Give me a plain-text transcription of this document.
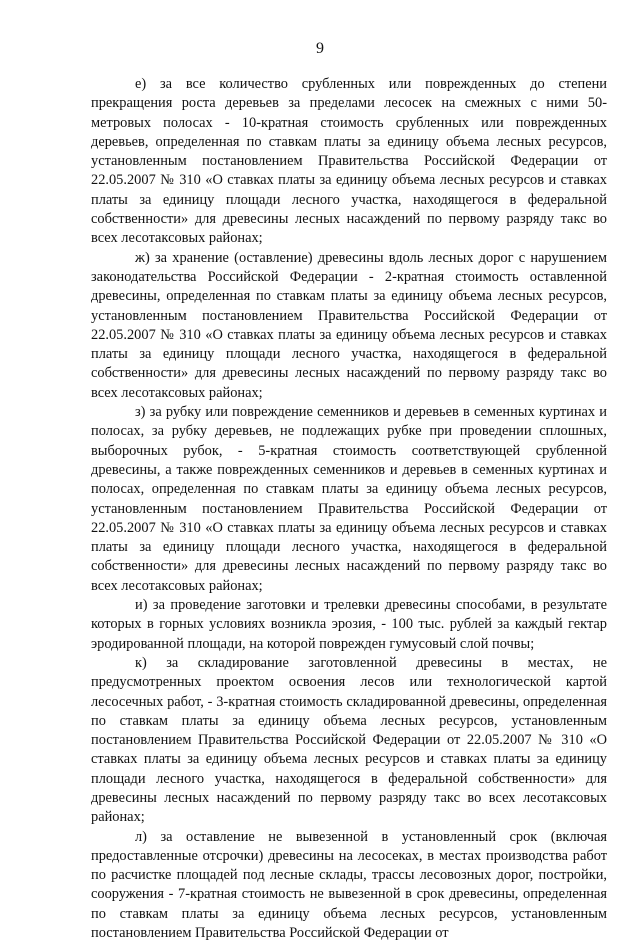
9

е) за все количество срубленных или поврежденных до степени прекращения роста деревьев за пределами лесосек на смежных с ними 50-метровых полосах - 10-кратная стоимость срубленных или поврежденных деревьев, определенная по ставкам платы за единицу объема лесных ресурсов, установленным постановлением Правительства Российской Федерации от 22.05.2007 № 310 «О ставках платы за единицу объема лесных ресурсов и ставках платы за единицу площади лесного участка, находящегося в федеральной собственности» для древесины лесных насаждений по первому разряду такс во всех лесотаксовых районах;

ж) за хранение (оставление) древесины вдоль лесных дорог с нарушением законодательства Российской Федерации - 2-кратная стоимость оставленной древесины, определенная по ставкам платы за единицу объема лесных ресурсов, установленным постановлением Правительства Российской Федерации от 22.05.2007 № 310 «О ставках платы за единицу объема лесных ресурсов и ставках платы за единицу площади лесного участка, находящегося в федеральной собственности» для древесины лесных насаждений по первому разряду такс во всех лесотаксовых районах;

з) за рубку или повреждение семенников и деревьев в семенных куртинах и полосах, за рубку деревьев, не подлежащих рубке при проведении сплошных, выборочных рубок, - 5-кратная стоимость соответствующей срубленной древесины, а также поврежденных семенников и деревьев в семенных куртинах и полосах, определенная по ставкам платы за единицу объема лесных ресурсов, установленным постановлением Правительства Российской Федерации от 22.05.2007 № 310 «О ставках платы за единицу объема лесных ресурсов и ставках платы за единицу площади лесного участка, находящегося в федеральной собственности» для древесины лесных насаждений по первому разряду такс во всех лесотаксовых районах;

и) за проведение заготовки и трелевки древесины способами, в результате которых в горных условиях возникла эрозия, - 100 тыс. рублей за каждый гектар эродированной площади, на которой поврежден гумусовый слой почвы;

к) за складирование заготовленной древесины в местах, не предусмотренных проектом освоения лесов или технологической картой лесосечных работ, - 3-кратная стоимость складированной древесины, определенная по ставкам платы за единицу объема лесных ресурсов, установленным постановлением Правительства Российской Федерации от 22.05.2007 № 310 «О ставках платы за единицу объема лесных ресурсов и ставках платы за единицу площади лесного участка, находящегося в федеральной собственности» для древесины лесных насаждений по первому разряду такс во всех лесотаксовых районах;

л) за оставление не вывезенной в установленный срок (включая предоставленные отсрочки) древесины на лесосеках, в местах производства работ по расчистке площадей под лесные склады, трассы лесовозных дорог, постройки, сооружения - 7-кратная стоимость не вывезенной в срок древесины, определенная по ставкам платы за единицу объема лесных ресурсов, установленным постановлением Правительства Российской Федерации от
